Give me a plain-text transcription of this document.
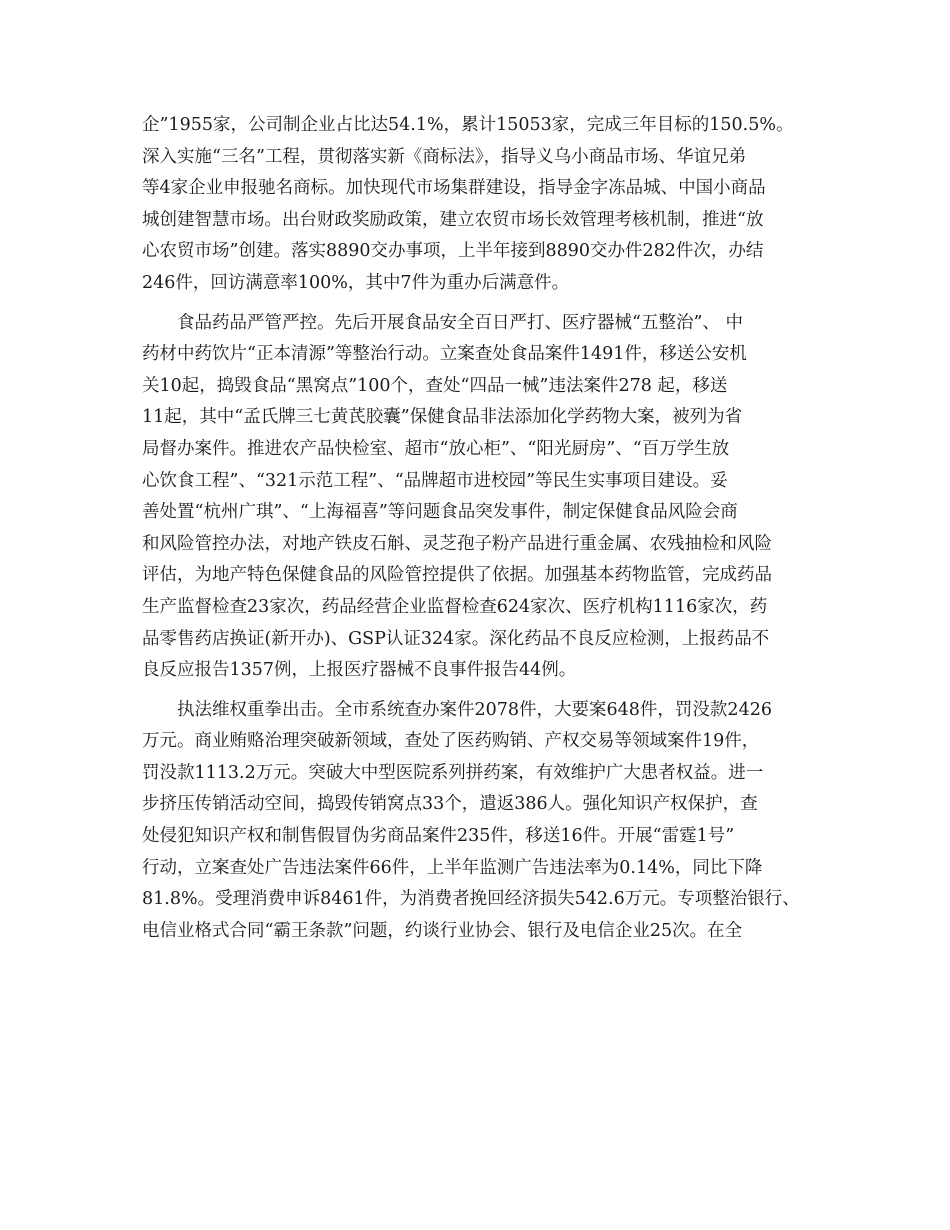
企”1955家，公司制企业占比达54.1%，累计15053家，完成三年目标的150.5%。
深入实施“三名”工程，贯彻落实新《商标法》，指导义乌小商品市场、华谊兄弟
等4家企业申报驰名商标。加快现代市场集群建设，指导金字冻品城、中国小商品
城创建智慧市场。出台财政奖励政策，建立农贸市场长效管理考核机制，推进“放
心农贸市场”创建。落实8890交办事项，上半年接到8890交办件282件次，办结
246件，回访满意率100%，其中7件为重办后满意件。
　　食品药品严管严控。先后开展食品安全百日严打、医疗器械“五整治”、 中
药材中药饮片“正本清源”等整治行动。立案查处食品案件1491件，移送公安机
关10起，捣毁食品“黑窝点”100个，查处“四品一械”违法案件278 起，移送
11起，其中“孟氏牌三七黄芪胶囊”保健食品非法添加化学药物大案，被列为省
局督办案件。推进农产品快检室、超市“放心柜”、“阳光厨房”、“百万学生放
心饮食工程”、“321示范工程”、“品牌超市进校园”等民生实事项目建设。妥
善处置“杭州广琪”、“上海福喜”等问题食品突发事件，制定保健食品风险会商
和风险管控办法，对地产铁皮石斛、灵芝孢子粉产品进行重金属、农残抽检和风险
评估，为地产特色保健食品的风险管控提供了依据。加强基本药物监管，完成药品
生产监督检查23家次，药品经营企业监督检查624家次、医疗机构1116家次，药
品零售药店换证(新开办)、GSP认证324家。深化药品不良反应检测，上报药品不
良反应报告1357例，上报医疗器械不良事件报告44例。
　　执法维权重拳出击。全市系统查办案件2078件，大要案648件，罚没款2426
万元。商业贿赂治理突破新领域，查处了医药购销、产权交易等领域案件19件，
罚没款1113.2万元。突破大中型医院系列拼药案，有效维护广大患者权益。进一
步挤压传销活动空间，捣毁传销窝点33个，遣返386人。强化知识产权保护，查
处侵犯知识产权和制售假冒伪劣商品案件235件，移送16件。开展“雷霆1号”
行动，立案查处广告违法案件66件，上半年监测广告违法率为0.14%，同比下降
81.8%。受理消费申诉8461件，为消费者挽回经济损失542.6万元。专项整治银行、
电信业格式合同“霸王条款”问题，约谈行业协会、银行及电信企业25次。在全
